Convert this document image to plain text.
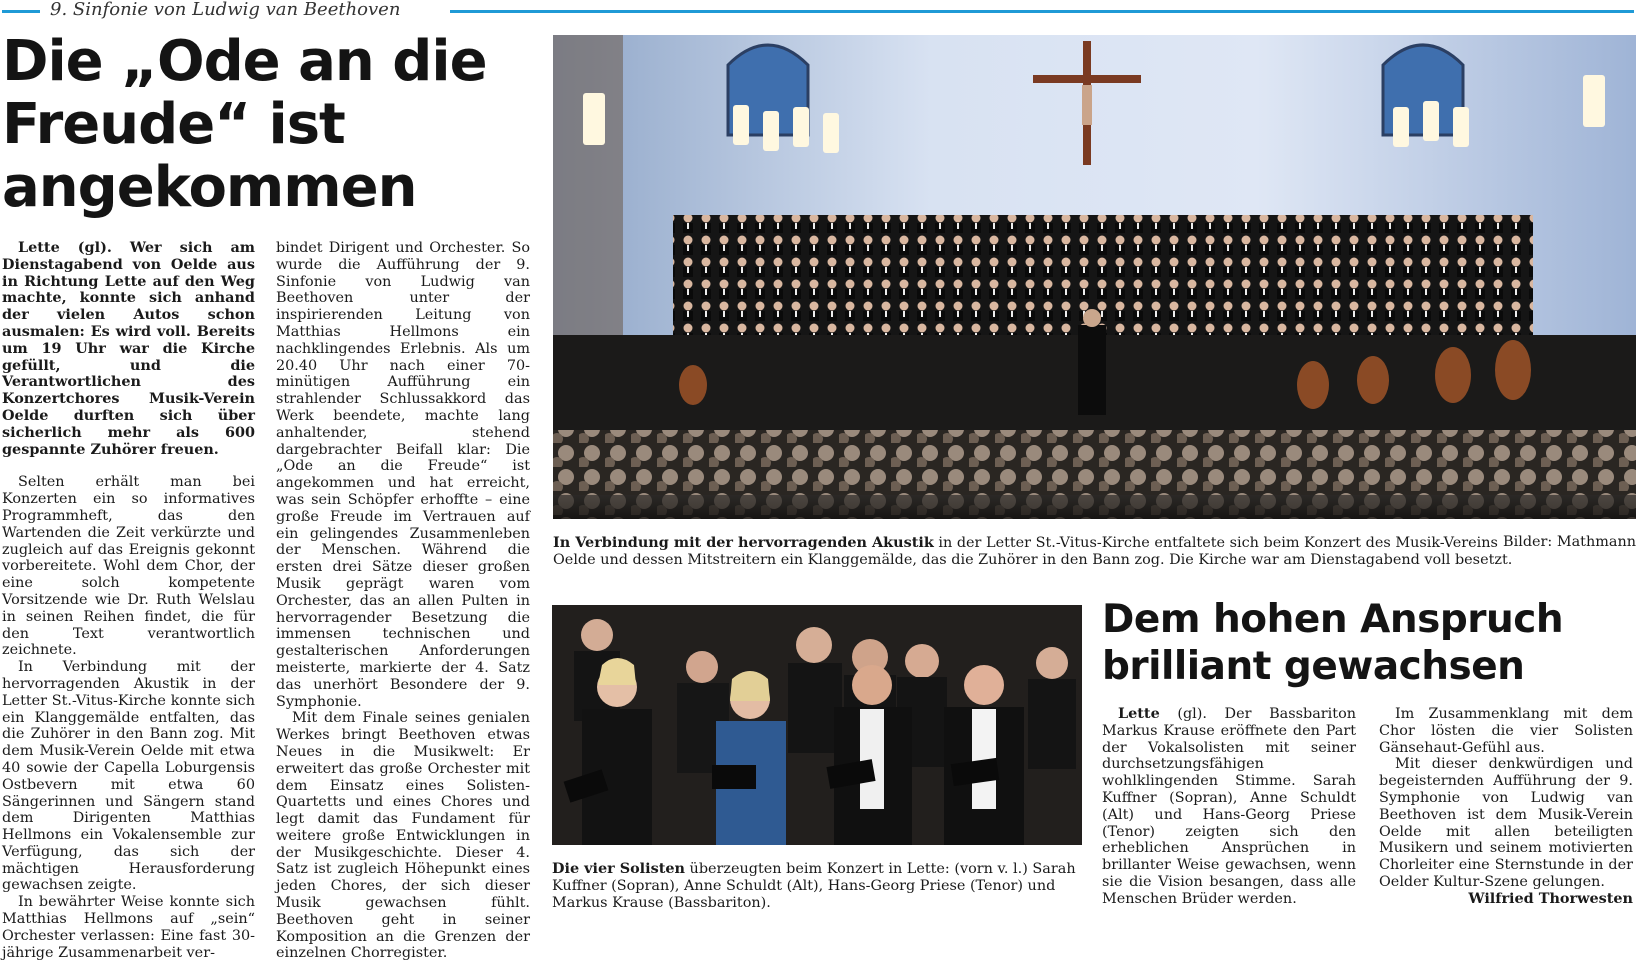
9. Sinfonie von Ludwig van Beethoven
Die „Ode an die Freude“ ist angekommen

Lette (gl). Wer sich am Dienstagabend von Oelde aus in Richtung Lette auf den Weg machte, konnte sich anhand der vielen Autos schon ausmalen: Es wird voll. Bereits um 19 Uhr war die Kirche gefüllt, und die Verantwortlichen des Konzertchores Musik-Verein Oelde durften sich über sicherlich mehr als 600 gespannte Zuhörer freuen.

Selten erhält man bei Konzerten ein so informatives Programmheft, das den Wartenden die Zeit verkürzte und zugleich auf das Ereignis gekonnt vorbereitete. Wohl dem Chor, der eine solch kompetente Vorsitzende wie Dr. Ruth Welslau in seinen Reihen findet, die für den Text verantwortlich zeichnete.

In Verbindung mit der hervorragenden Akustik in der Letter St.-Vitus-Kirche konnte sich ein Klanggemälde entfalten, das die Zuhörer in den Bann zog. Mit dem Musik-Verein Oelde mit etwa 40 sowie der Capella Loburgensis Ostbevern mit etwa 60 Sängerinnen und Sängern stand dem Dirigenten Matthias Hellmons ein Vokalensemble zur Verfügung, das sich der mächtigen Herausforderung gewachsen zeigte.

In bewährter Weise konnte sich Matthias Hellmons auf „sein“ Orchester verlassen: Eine fast 30-jährige Zusammenarbeit ver-

bindet Dirigent und Orchester. So wurde die Aufführung der 9. Sinfonie von Ludwig van Beethoven unter der inspirierenden Leitung von Matthias Hellmons ein nachklingendes Erlebnis. Als um 20.40 Uhr nach einer 70-minütigen Aufführung ein strahlender Schlussakkord das Werk beendete, machte lang anhaltender, stehend dargebrachter Beifall klar: Die „Ode an die Freude“ ist angekommen und hat erreicht, was sein Schöpfer erhoffte – eine große Freude im Vertrauen auf ein gelingendes Zusammenleben der Menschen. Während die ersten drei Sätze dieser großen Musik geprägt waren vom Orchester, das an allen Pulten in hervorragender Besetzung die immensen technischen und gestalterischen Anforderungen meisterte, markierte der 4. Satz das unerhört Besondere der 9. Symphonie.

Mit dem Finale seines genialen Werkes bringt Beethoven etwas Neues in die Musikwelt: Er erweitert das große Orchester mit dem Einsatz eines Solisten-Quartetts und eines Chores und legt damit das Fundament für weitere große Entwicklungen in der Musikgeschichte. Dieser 4. Satz ist zugleich Höhepunkt eines jeden Chores, der sich dieser Musik gewachsen fühlt. Beethoven geht in seiner Komposition an die Grenzen der einzelnen Chorregister.

Bilder: Mathmann
In Verbindung mit der hervorragenden Akustik in der Letter St.-Vitus-Kirche entfaltete sich beim Konzert des Musik-Vereins Oelde und dessen Mitstreitern ein Klanggemälde, das die Zuhörer in den Bann zog. Die Kirche war am Dienstagabend voll besetzt.
Die vier Solisten überzeugten beim Konzert in Lette: (vorn v. l.) Sarah Kuffner (Sopran), Anne Schuldt (Alt), Hans-Georg Priese (Tenor) und Markus Krause (Bassbariton).
Dem hohen Anspruch brilliant gewachsen

Lette (gl). Der Bassbariton Markus Krause eröffnete den Part der Vokalsolisten mit seiner durchsetzungsfähigen wohlklingenden Stimme. Sarah Kuffner (Sopran), Anne Schuldt (Alt) und Hans-Georg Priese (Tenor) zeigten sich den erheblichen Ansprüchen in brillanter Weise gewachsen, wenn sie die Vision besangen, dass alle Menschen Brüder werden.

Im Zusammenklang mit dem Chor lösten die vier Solisten Gänsehaut-Gefühl aus.

Mit dieser denkwürdigen und begeisternden Aufführung der 9. Symphonie von Ludwig van Beethoven ist dem Musik-Verein Oelde mit allen beteiligten Musikern und seinem motivierten Chorleiter eine Sternstunde in der Oelder Kultur-Szene gelungen.

Wilfried Thorwesten
